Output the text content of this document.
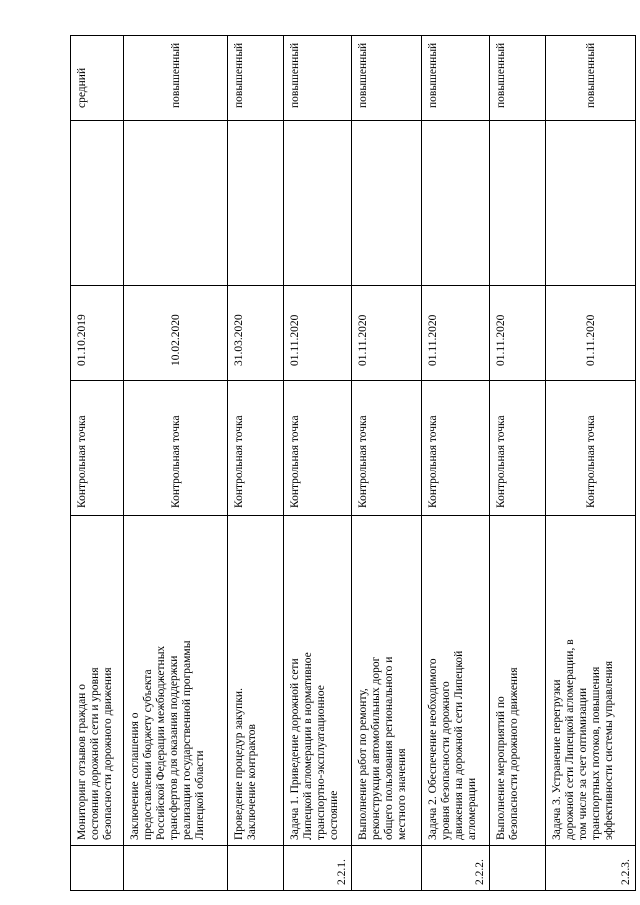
средний
01.10.2019
Контрольная точка
Мониторинг отзывов граждан о состоянии дорожной сети и уровня безопасности дорожного движения
повышенный
10.02.2020
Контрольная точка
Заключение соглашения о предоставлении бюджету субъекта Российской Федерации межбюджетных трансфертов для оказания поддержки реализации государственной программы Липецкой области
повышенный
31.03.2020
Контрольная точка
Проведение процедур закупки. Заключение контрактов
повышенный
01.11.2020
Контрольная точка
Задача 1. Приведение дорожной сети Липецкой агломерации в нормативное транспортно-эксплуатационное состояние
2.2.1.
повышенный
01.11.2020
Контрольная точка
Выполнение работ по ремонту, реконструкции автомобильных дорог общего пользования регионального и местного значения
повышенный
01.11.2020
Контрольная точка
Задача 2. Обеспечение необходимого уровня безопасности дорожного движения на дорожной сети Липецкой агломерации
2.2.2.
повышенный
01.11.2020
Контрольная точка
Выполнение мероприятий по безопасности дорожного движения
повышенный
01.11.2020
Контрольная точка
Задача 3. Устранение перегрузки дорожной сети Липецкой агломерации, в том числе за счет оптимизации транспортных потоков, повышения эффективности системы управления
2.2.3.
